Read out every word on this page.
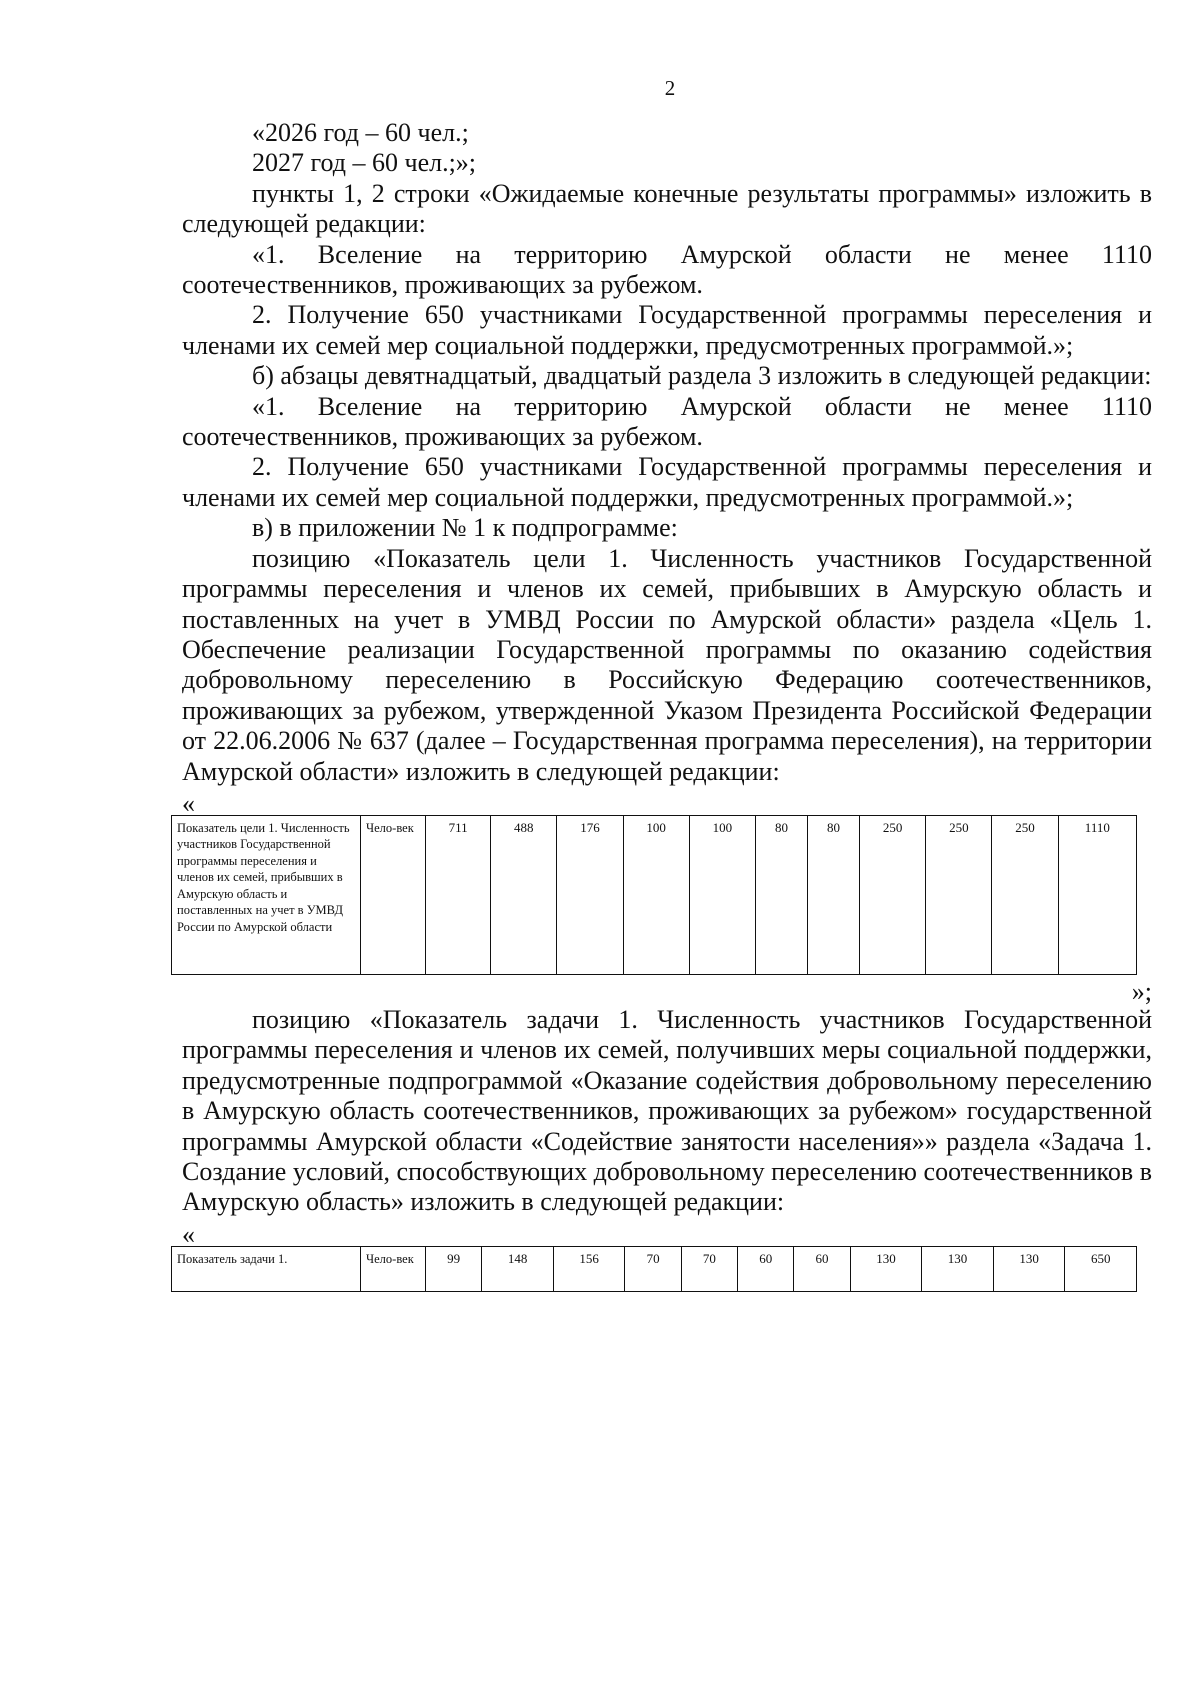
2

«2026 год – 60 чел.;

2027 год – 60 чел.;»;

пункты 1, 2 строки «Ожидаемые конечные результаты программы» изложить в следующей редакции:

«1. Вселение на территорию Амурской области не менее 1110 соотечественников, проживающих за рубежом.

2. Получение 650 участниками Государственной программы переселения и членами их семей мер социальной поддержки, предусмотренных программой.»;

б) абзацы девятнадцатый, двадцатый раздела 3 изложить в следующей редакции:

«1. Вселение на территорию Амурской области не менее 1110 соотечественников, проживающих за рубежом.

2. Получение 650 участниками Государственной программы переселения и членами их семей мер социальной поддержки, предусмотренных программой.»;

в) в приложении № 1 к подпрограмме:

позицию «Показатель цели 1. Численность участников Государственной программы переселения и членов их семей, прибывших в Амурскую область и поставленных на учет в УМВД России по Амурской области» раздела «Цель 1. Обеспечение реализации Государственной программы по оказанию содействия добровольному переселению в Российскую Федерацию соотечественников, проживающих за рубежом, утвержденной Указом Президента Российской Федерации от 22.06.2006 № 637 (далее – Государственная программа переселения), на территории Амурской области» изложить в следующей редакции:

«

Показатель цели 1. Численность участников Государственной программы переселения и членов их семей, прибывших в Амурскую область и поставленных на учет в УМВД России по Амурской области	Чело-век	711	488	176	100	100	80	80	250	250	250	1110

»;

позицию «Показатель задачи 1. Численность участников Государственной программы переселения и членов их семей, получивших меры социальной поддержки, предусмотренные подпрограммой «Оказание содействия добровольному переселению в Амурскую область соотечественников, проживающих за рубежом» государственной программы Амурской области «Содействие занятости населения»» раздела «Задача 1. Создание условий, способствующих добровольному переселению соотечественников в Амурскую область» изложить в следующей редакции:

«

Показатель задачи 1.	Чело-век	99	148	156	70	70	60	60	130	130	130	650
